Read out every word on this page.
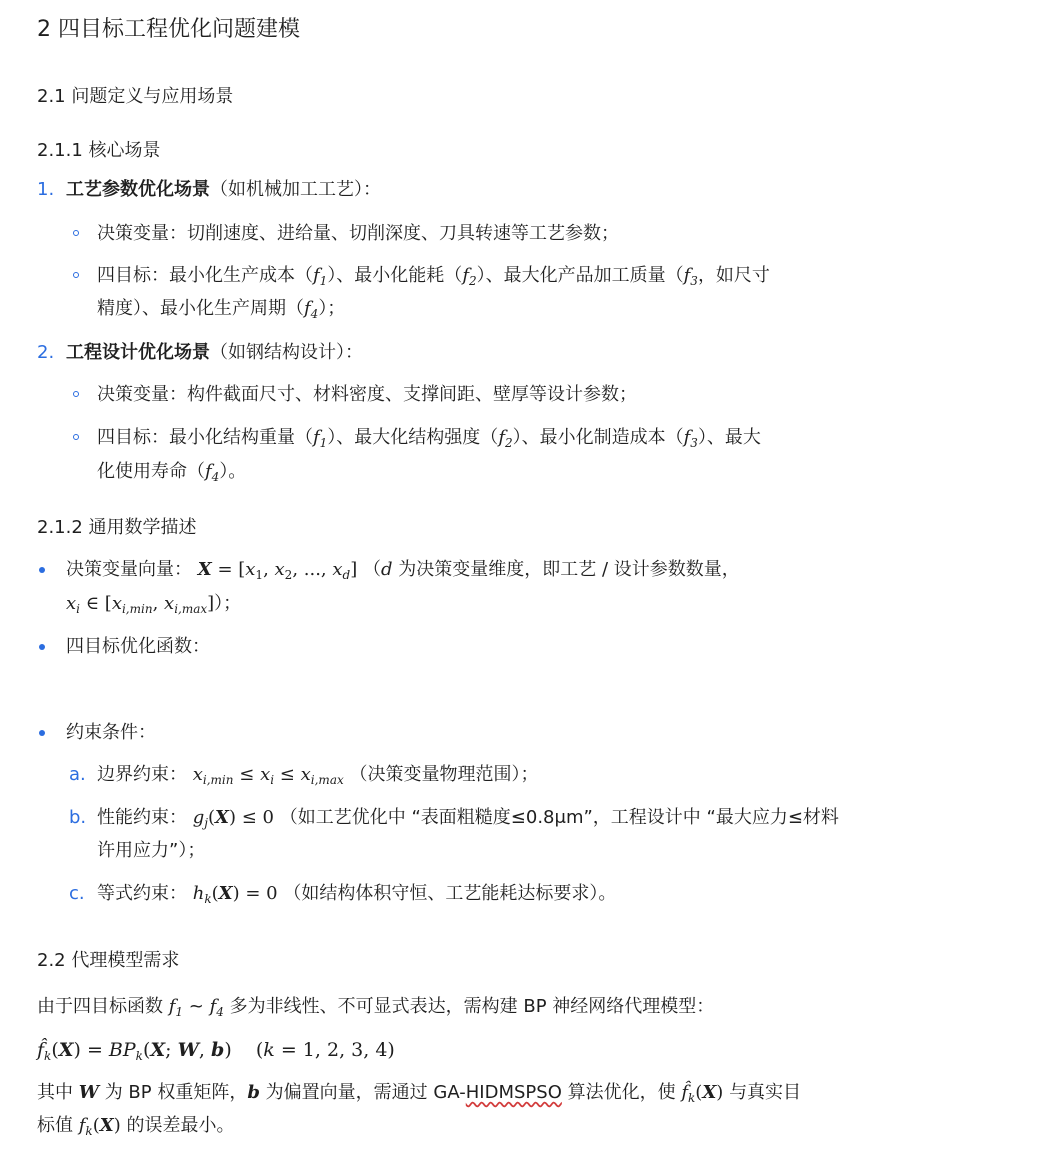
2 四目标工程优化问题建模
2.1 问题定义与应用场景
2.1.1 核心场景
1. 工艺参数优化场景（如机械加工工艺）：
决策变量：切削速度、进给量、切削深度、刀具转速等工艺参数；
四目标：最小化生产成本$(f_1)$、最小化能耗$(f_2)$、最大化产品加工质量（$f_3$，如尺寸
精度）、最小化生产周期$(f_4)$；
2. 工程设计优化场景（如钢结构设计）：
决策变量：构件截面尺寸、材料密度、支撑间距、壁厚等设计参数；
四目标：最小化结构重量$(f_1)$、最大化结构强度$(f_2)$、最小化制造成本$(f_3)$、最大
化使用寿命$(f_4)$。
2.1.2 通用数学描述
决策变量向量： $X = [x_1$, $x_2$, ..., $x_d$] （d 为决策变量维度，即工艺 / 设计参数数量，
$x_i$ ∈ [$x_{i,min}$, $x_{i,max}$]）；
四目标优化函数：
约束条件：
a. 边界约束： $x_{i,min} \le x_i \le x_{i,max}$ （决策变量物理范围）；
b. 性能约束： $g_j(X) \le 0$ （如工艺优化中 “表面粗糙度≤0.8μm”，工程设计中 “最大应力≤材料
许用应力”）；
c. 等式约束： $h_k(X) = 0$ （如结构体积守恒、工艺能耗达标要求）。
2.2 代理模型需求
由于四目标函数 $f_1$ ~ $f_4$ 多为非线性、不可显式表达，需构建 BP 神经网络代理模型：
$f̂_k(X) = BP_k(X$; W, b)    (k = 1, 2, 3, 4)
其中 W 为 BP 权重矩阵，b 为偏置向量，需通过 GA-HIDMSPSO 算法优化，使 $f̂_k(X)$ 与真实目
标值 $f_k(X)$ 的误差最小。
